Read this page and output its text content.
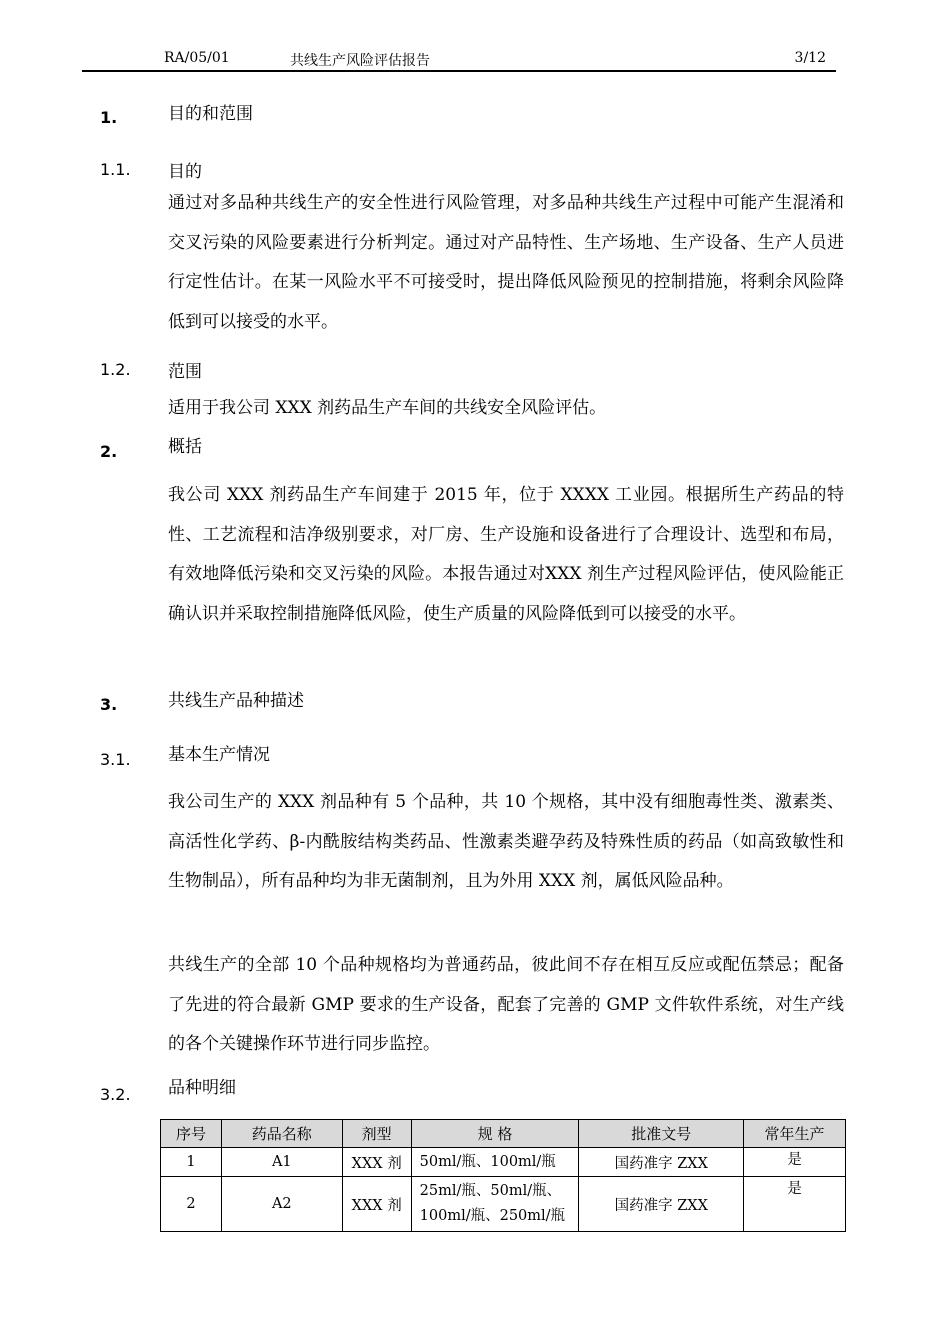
RA/05/01	共线生产风险评估报告	3/12
1.	目的和范围
1.1. 目的
通过对多品种共线生产的安全性进行风险管理，对多品种共线生产过程中可能产生混淆和交叉污染的风险要素进行分析判定。通过对产品特性、生产场地、生产设备、生产人员进行定性估计。在某一风险水平不可接受时，提出降低风险预见的控制措施，将剩余风险降低到可以接受的水平。
1.2. 范围
适用于我公司 XXX 剂药品生产车间的共线安全风险评估。
2.	概括
我公司 XXX 剂药品生产车间建于 2015 年，位于 XXXX 工业园。根据所生产药品的特性、工艺流程和洁净级别要求，对厂房、生产设施和设备进行了合理设计、选型和布局，有效地降低污染和交叉污染的风险。本报告通过对XXX 剂生产过程风险评估，使风险能正确认识并采取控制措施降低风险，使生产质量的风险降低到可以接受的水平。
3.	共线生产品种描述
3.1. 基本生产情况
我公司生产的 XXX 剂品种有 5 个品种，共 10 个规格，其中没有细胞毒性类、激素类、高活性化学药、β-内酰胺结构类药品、性激素类避孕药及特殊性质的药品（如高致敏性和生物制品），所有品种均为非无菌制剂，且为外用 XXX 剂，属低风险品种。
共线生产的全部 10 个品种规格均为普通药品，彼此间不存在相互反应或配伍禁忌；配备了先进的符合最新 GMP 要求的生产设备，配套了完善的 GMP 文件软件系统，对生产线的各个关键操作环节进行同步监控。
3.2. 品种明细
序号	药品名称	剂型	规 格	批准文号	常年生产
1	A1	XXX 剂	50ml/瓶、100ml/瓶	国药准字 ZXX	是
2	A2	XXX 剂	25ml/瓶、50ml/瓶、
100ml/瓶、250ml/瓶	国药准字 ZXX	是
